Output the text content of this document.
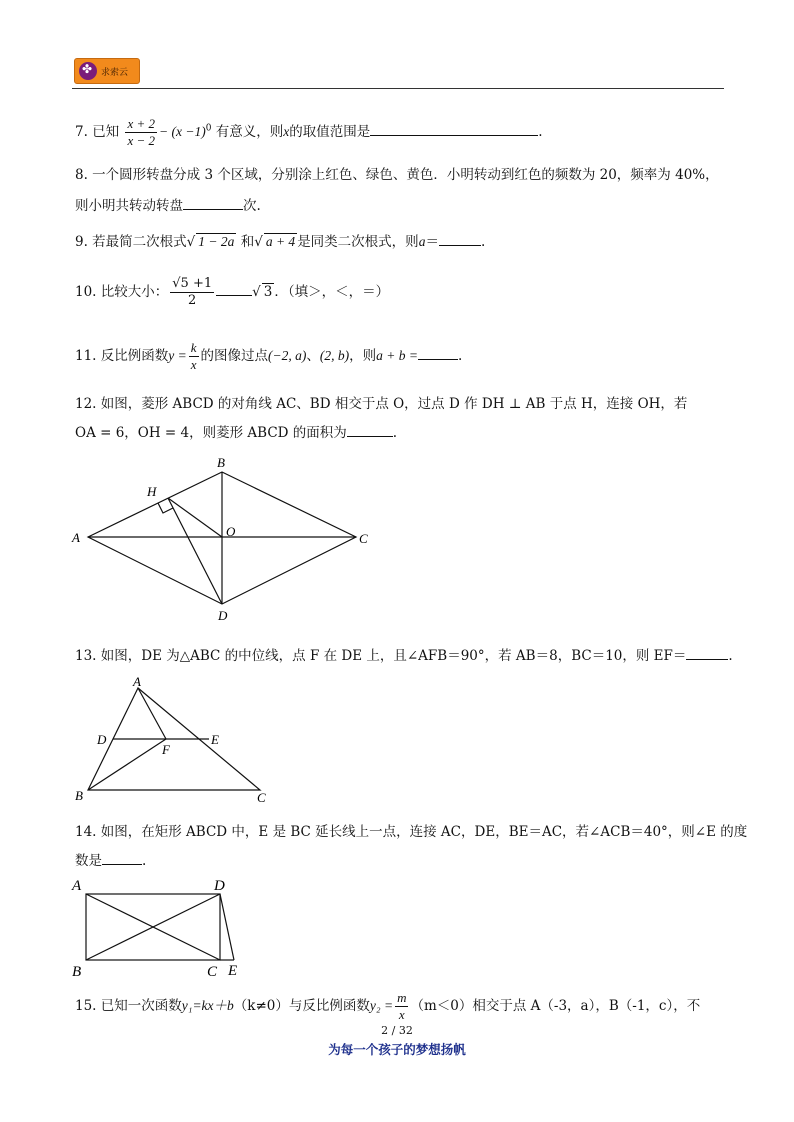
✤
求索云
7. 已知 $\frac{x + 2}{x - 2} - (x -1)^0$ 有意义，则x的取值范围是	.
8. 一个圆形转盘分成 3 个区域，分别涂上红色、绿色、黄色．小明转动到红色的频数为 20，频率为 40%，
则小明共转动转盘	次.
9. 若最简二次根式√ 1 − 2a 和√ a + 4 是同类二次根式，则a＝	.
10. 比较大小： $\frac{√5 +1}{2}$	√ 3 ．（填＞，＜，＝）
11. 反比例函数$y = \frac{k}{x}$ 的图像过点(−2, a)、(2, b)，则a + b =	.
12. 如图，菱形 ABCD 的对角线 AC、BD 相交于点 O，过点 D 作 DH ⊥ AB 于点 H，连接 OH，若
OA = 6，OH = 4，则菱形 ABCD 的面积为	.
B
H
A	O	C
D
13. 如图，DE 为△ABC 的中位线，点 F 在 DE 上，且∠AFB＝90°，若 AB＝8，BC＝10，则 EF＝	.
A
D
F
E
B	C
14. 如图，在矩形 ABCD 中，E 是 BC 延长线上一点，连接 AC，DE，BE＝AC，若∠ACB＝40°，则∠E 的度
数是	.
A	D
B	C E
15. 已知一次函数y₁=kx＋b（k≠0）与反比例函数$y_2 = \frac{m}{x} (m<0)$相交于点 A（-3，a），B（-1，c），不
2 / 32
为每一个孩子的梦想扬帆
